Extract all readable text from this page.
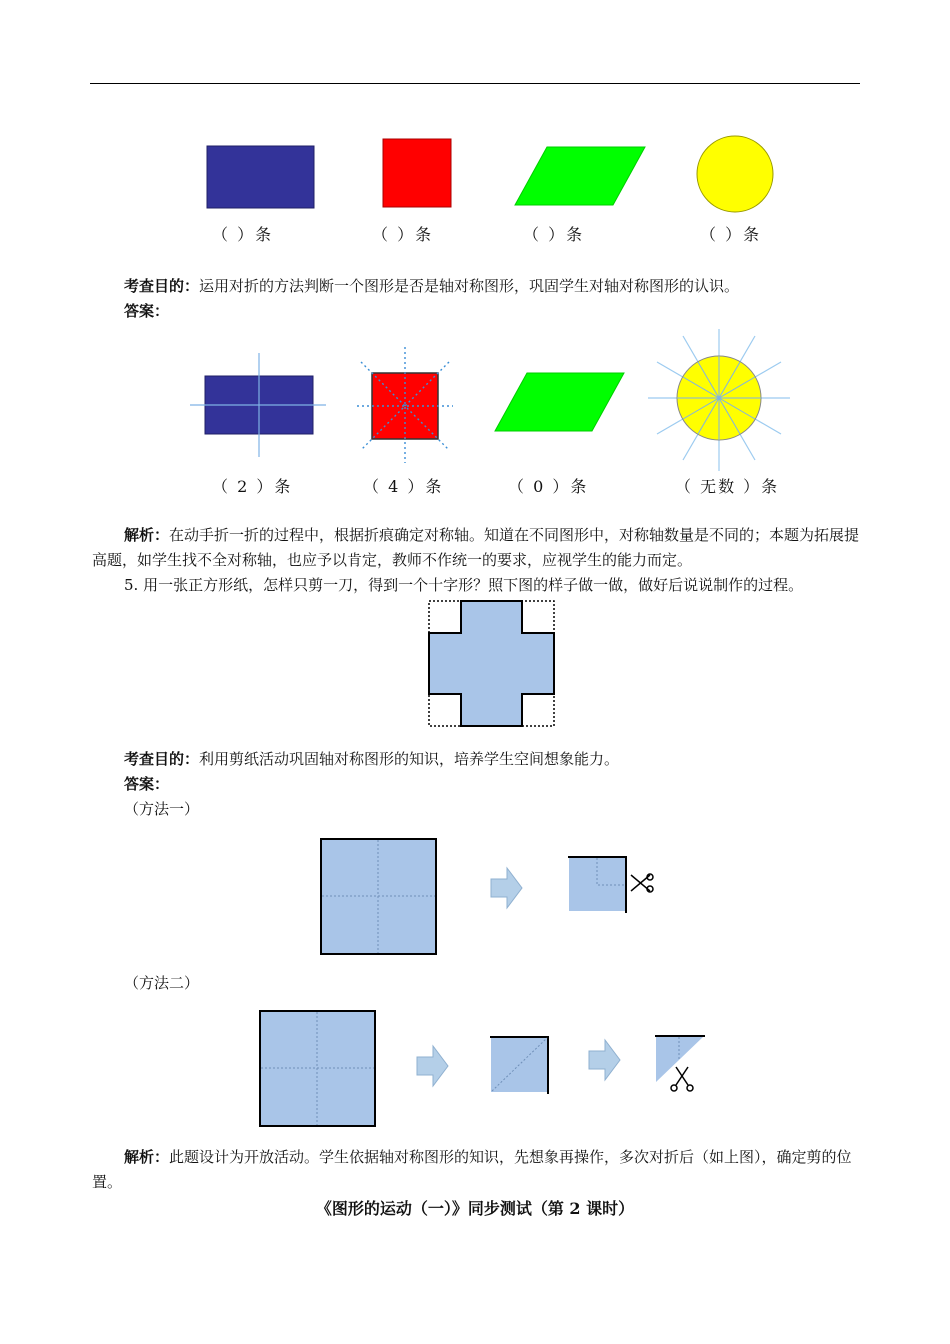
（ ）条	（ ）条	（ ）条	（ ）条
考查目的：运用对折的方法判断一个图形是否是轴对称图形，巩固学生对轴对称图形的认识。
答案：
（ 2 ）条	（ 4 ）条	（ 0 ）条	（ 无数 ）条
解析：在动手折一折的过程中，根据折痕确定对称轴。知道在不同图形中，对称轴数量是不同的；本题为拓展提高题，如学生找不全对称轴，也应予以肯定，教师不作统一的要求，应视学生的能力而定。
5. 用一张正方形纸，怎样只剪一刀，得到一个十字形？照下图的样子做一做，做好后说说制作的过程。
考查目的：利用剪纸活动巩固轴对称图形的知识，培养学生空间想象能力。
答案：
（方法一）
（方法二）
解析：此题设计为开放活动。学生依据轴对称图形的知识，先想象再操作，多次对折后（如上图），确定剪的位置。
《图形的运动（一）》同步测试（第 2 课时）
